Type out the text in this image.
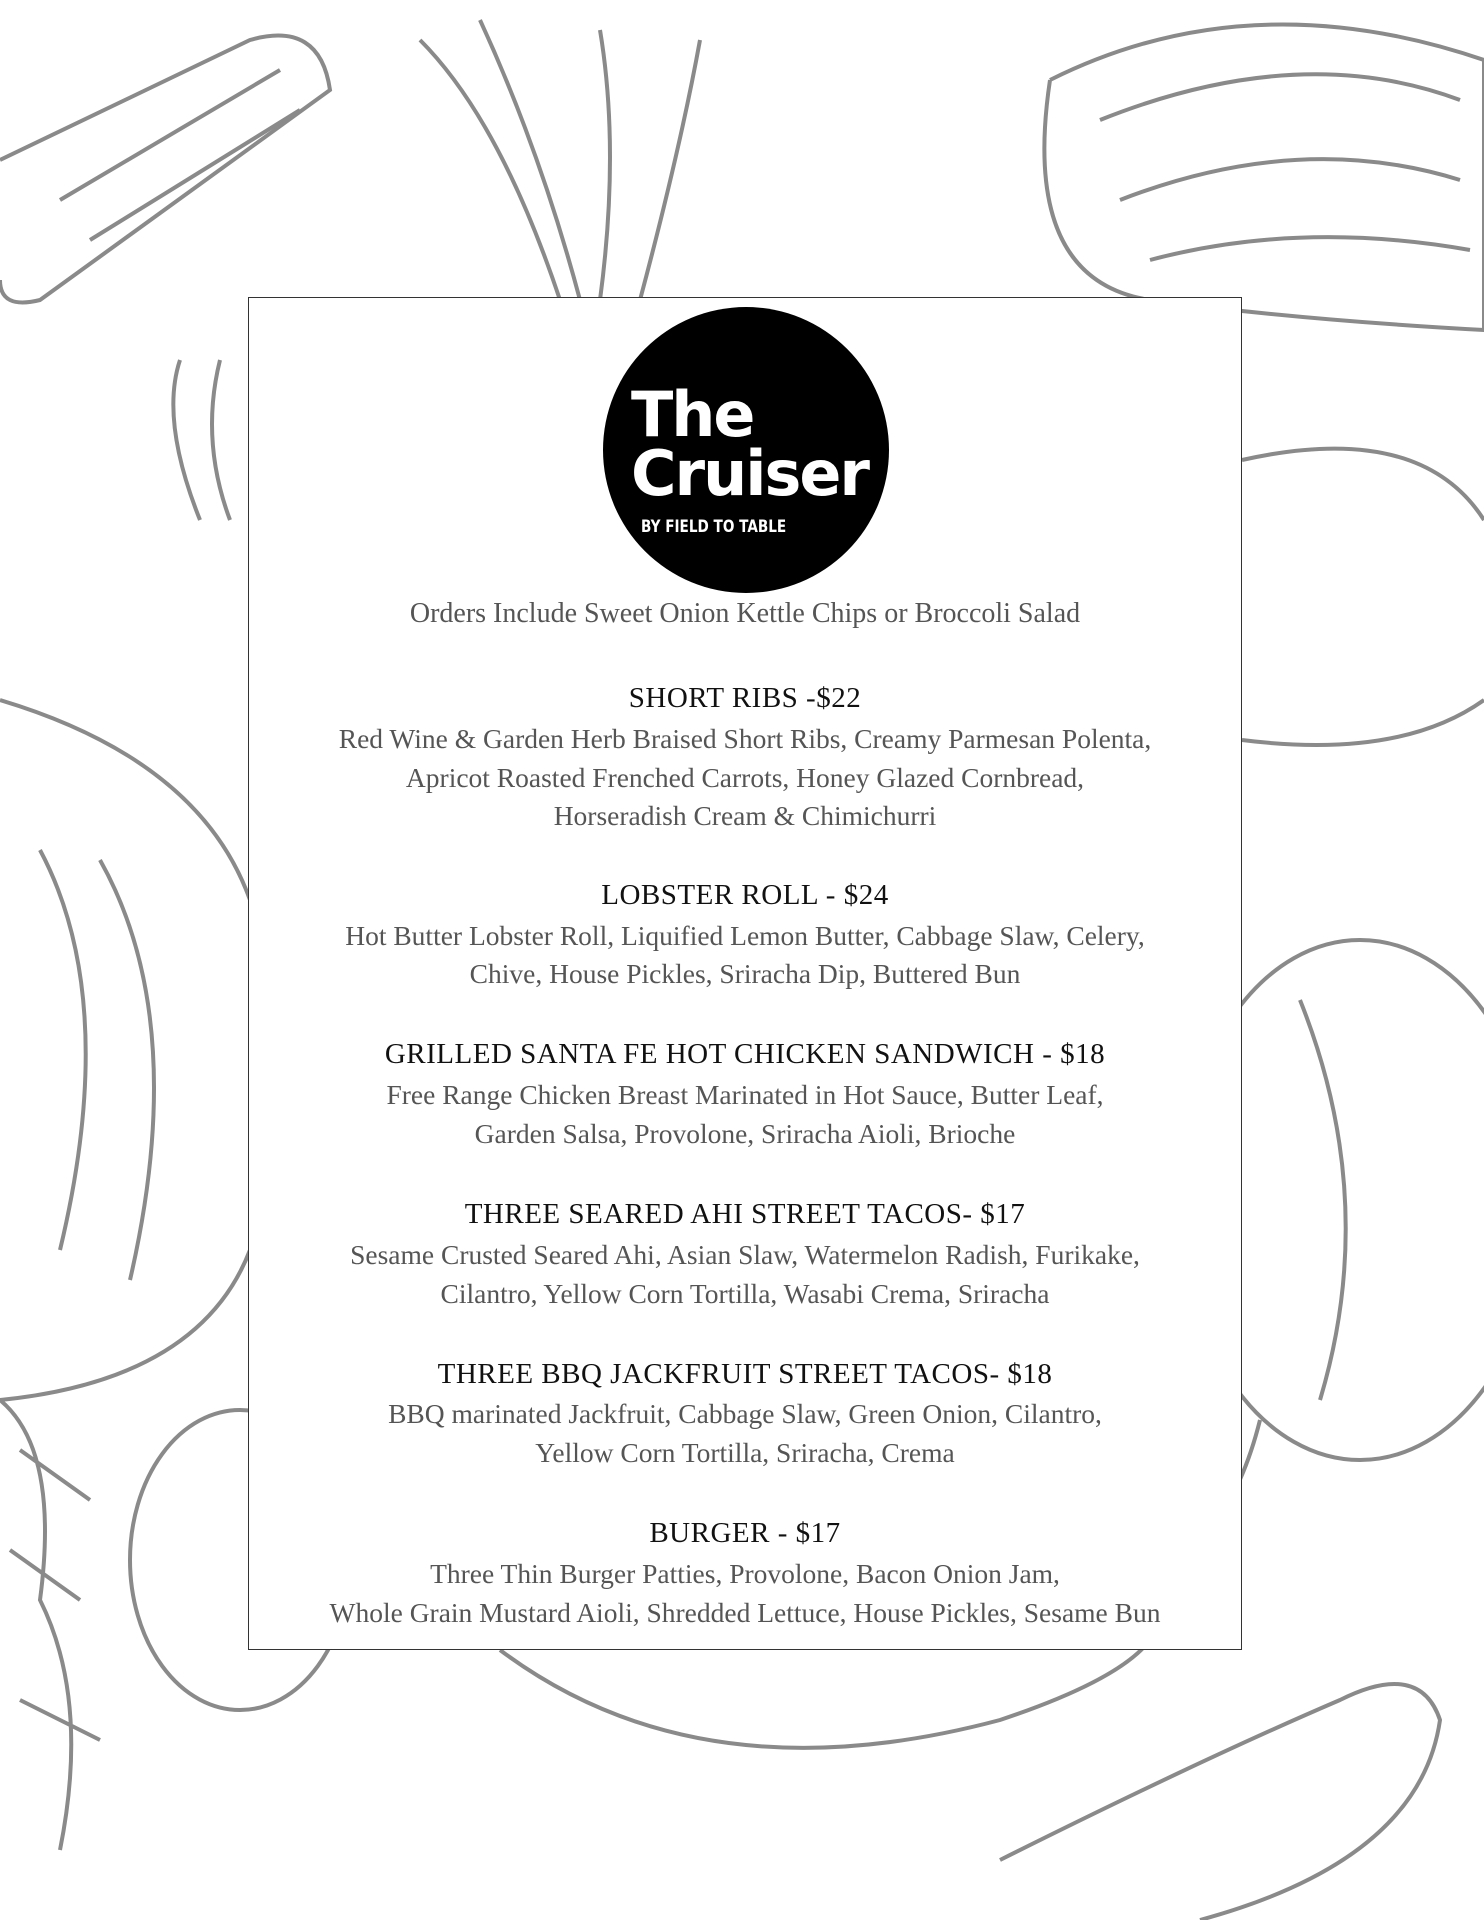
The
Cruiser
BY FIELD TO TABLE
Orders Include Sweet Onion Kettle Chips or Broccoli Salad
SHORT RIBS -$22
Red Wine & Garden Herb Braised Short Ribs, Creamy Parmesan Polenta,
Apricot Roasted Frenched Carrots, Honey Glazed Cornbread,
Horseradish Cream & Chimichurri
LOBSTER ROLL - $24
Hot Butter Lobster Roll, Liquified Lemon Butter, Cabbage Slaw, Celery,
Chive, House Pickles, Sriracha Dip, Buttered Bun
GRILLED SANTA FE HOT CHICKEN SANDWICH - $18
Free Range Chicken Breast Marinated in Hot Sauce, Butter Leaf,
Garden Salsa, Provolone, Sriracha Aioli, Brioche
THREE SEARED AHI STREET TACOS- $17
Sesame Crusted Seared Ahi, Asian Slaw, Watermelon Radish, Furikake,
Cilantro, Yellow Corn Tortilla, Wasabi Crema, Sriracha
THREE BBQ JACKFRUIT STREET TACOS- $18
BBQ marinated Jackfruit, Cabbage Slaw, Green Onion, Cilantro,
Yellow Corn Tortilla, Sriracha, Crema
BURGER - $17
Three Thin Burger Patties, Provolone, Bacon Onion Jam,
Whole Grain Mustard Aioli, Shredded Lettuce, House Pickles, Sesame Bun
